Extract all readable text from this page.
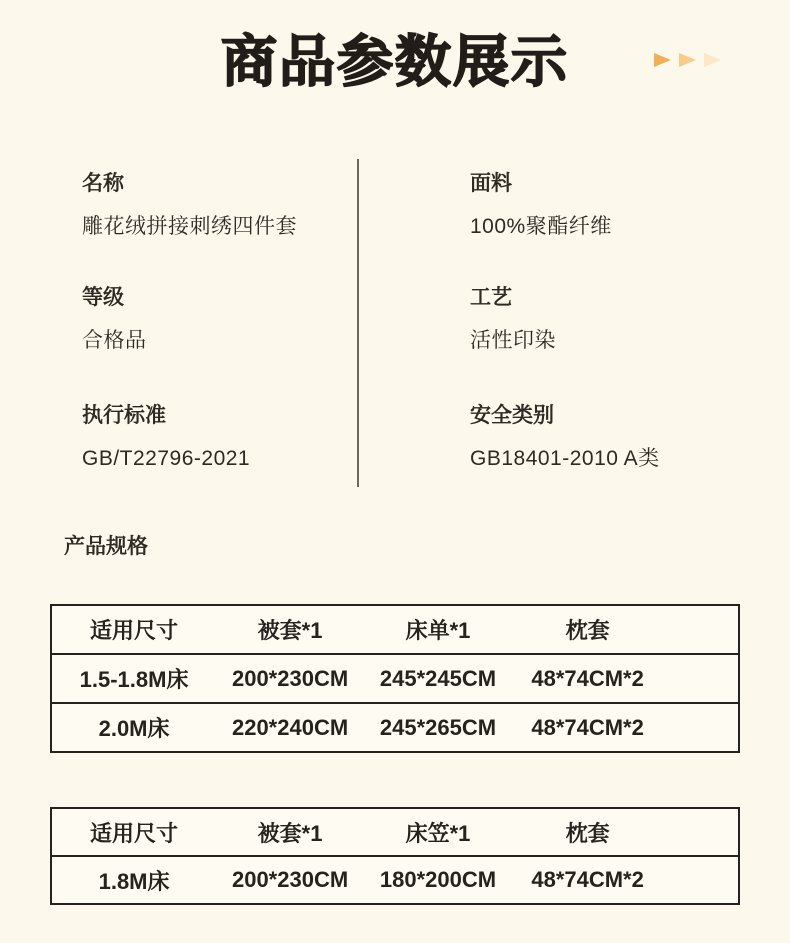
商品参数展示
名称
雕花绒拼接刺绣四件套
等级
合格品
执行标准
GB/T22796-2021
面料
100%聚酯纤维
工艺
活性印染
安全类别
GB18401-2010 A类
产品规格
适用尺寸	被套*1	床单*1	枕套	
1.5-1.8M床	200*230CM	245*245CM	48*74CM*2	
2.0M床	220*240CM	245*265CM	48*74CM*2	
适用尺寸	被套*1	床笠*1	枕套	
1.8M床	200*230CM	180*200CM	48*74CM*2	
